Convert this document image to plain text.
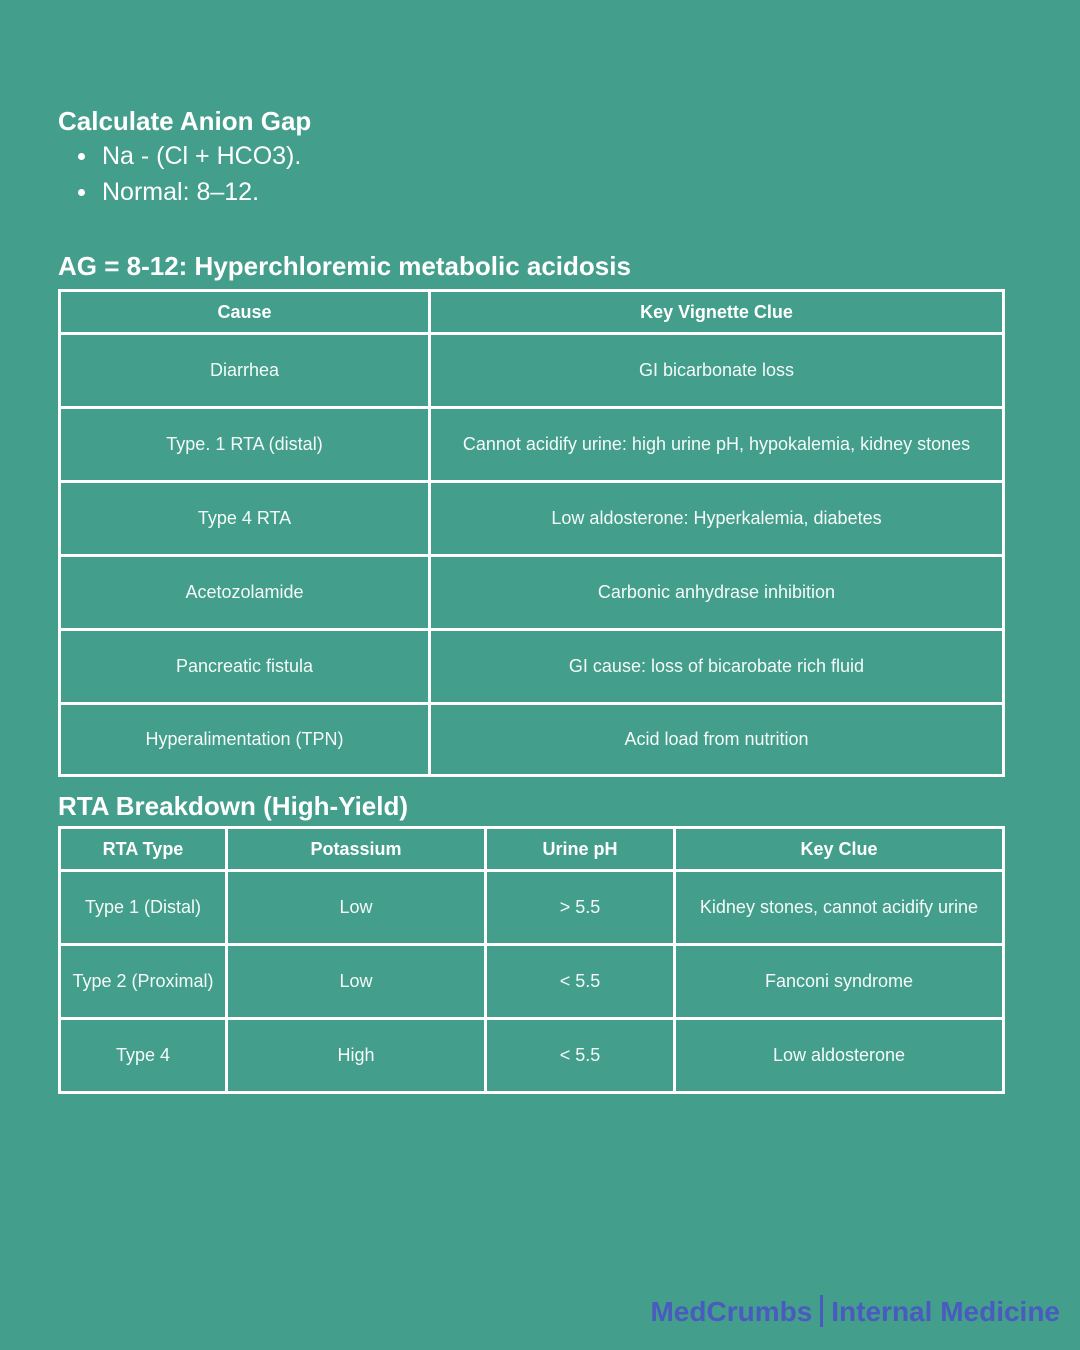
Calculate Anion Gap
Na - (Cl + HCO3).
Normal: 8–12.
AG = 8-12: Hyperchloremic metabolic acidosis
Cause	Key Vignette Clue
Diarrhea	GI bicarbonate loss
Type. 1 RTA (distal)	Cannot acidify urine: high urine pH, hypokalemia, kidney stones
Type 4 RTA	Low aldosterone: Hyperkalemia, diabetes
Acetozolamide	Carbonic anhydrase inhibition
Pancreatic fistula	GI cause: loss of bicarobate rich fluid
Hyperalimentation (TPN)	Acid load from nutrition
RTA Breakdown (High-Yield)
RTA Type	Potassium	Urine pH	Key Clue
Type 1 (Distal)	Low	> 5.5	Kidney stones, cannot acidify urine
Type 2 (Proximal)	Low	< 5.5	Fanconi syndrome
Type 4	High	< 5.5	Low aldosterone
MedCrumbs Internal Medicine
